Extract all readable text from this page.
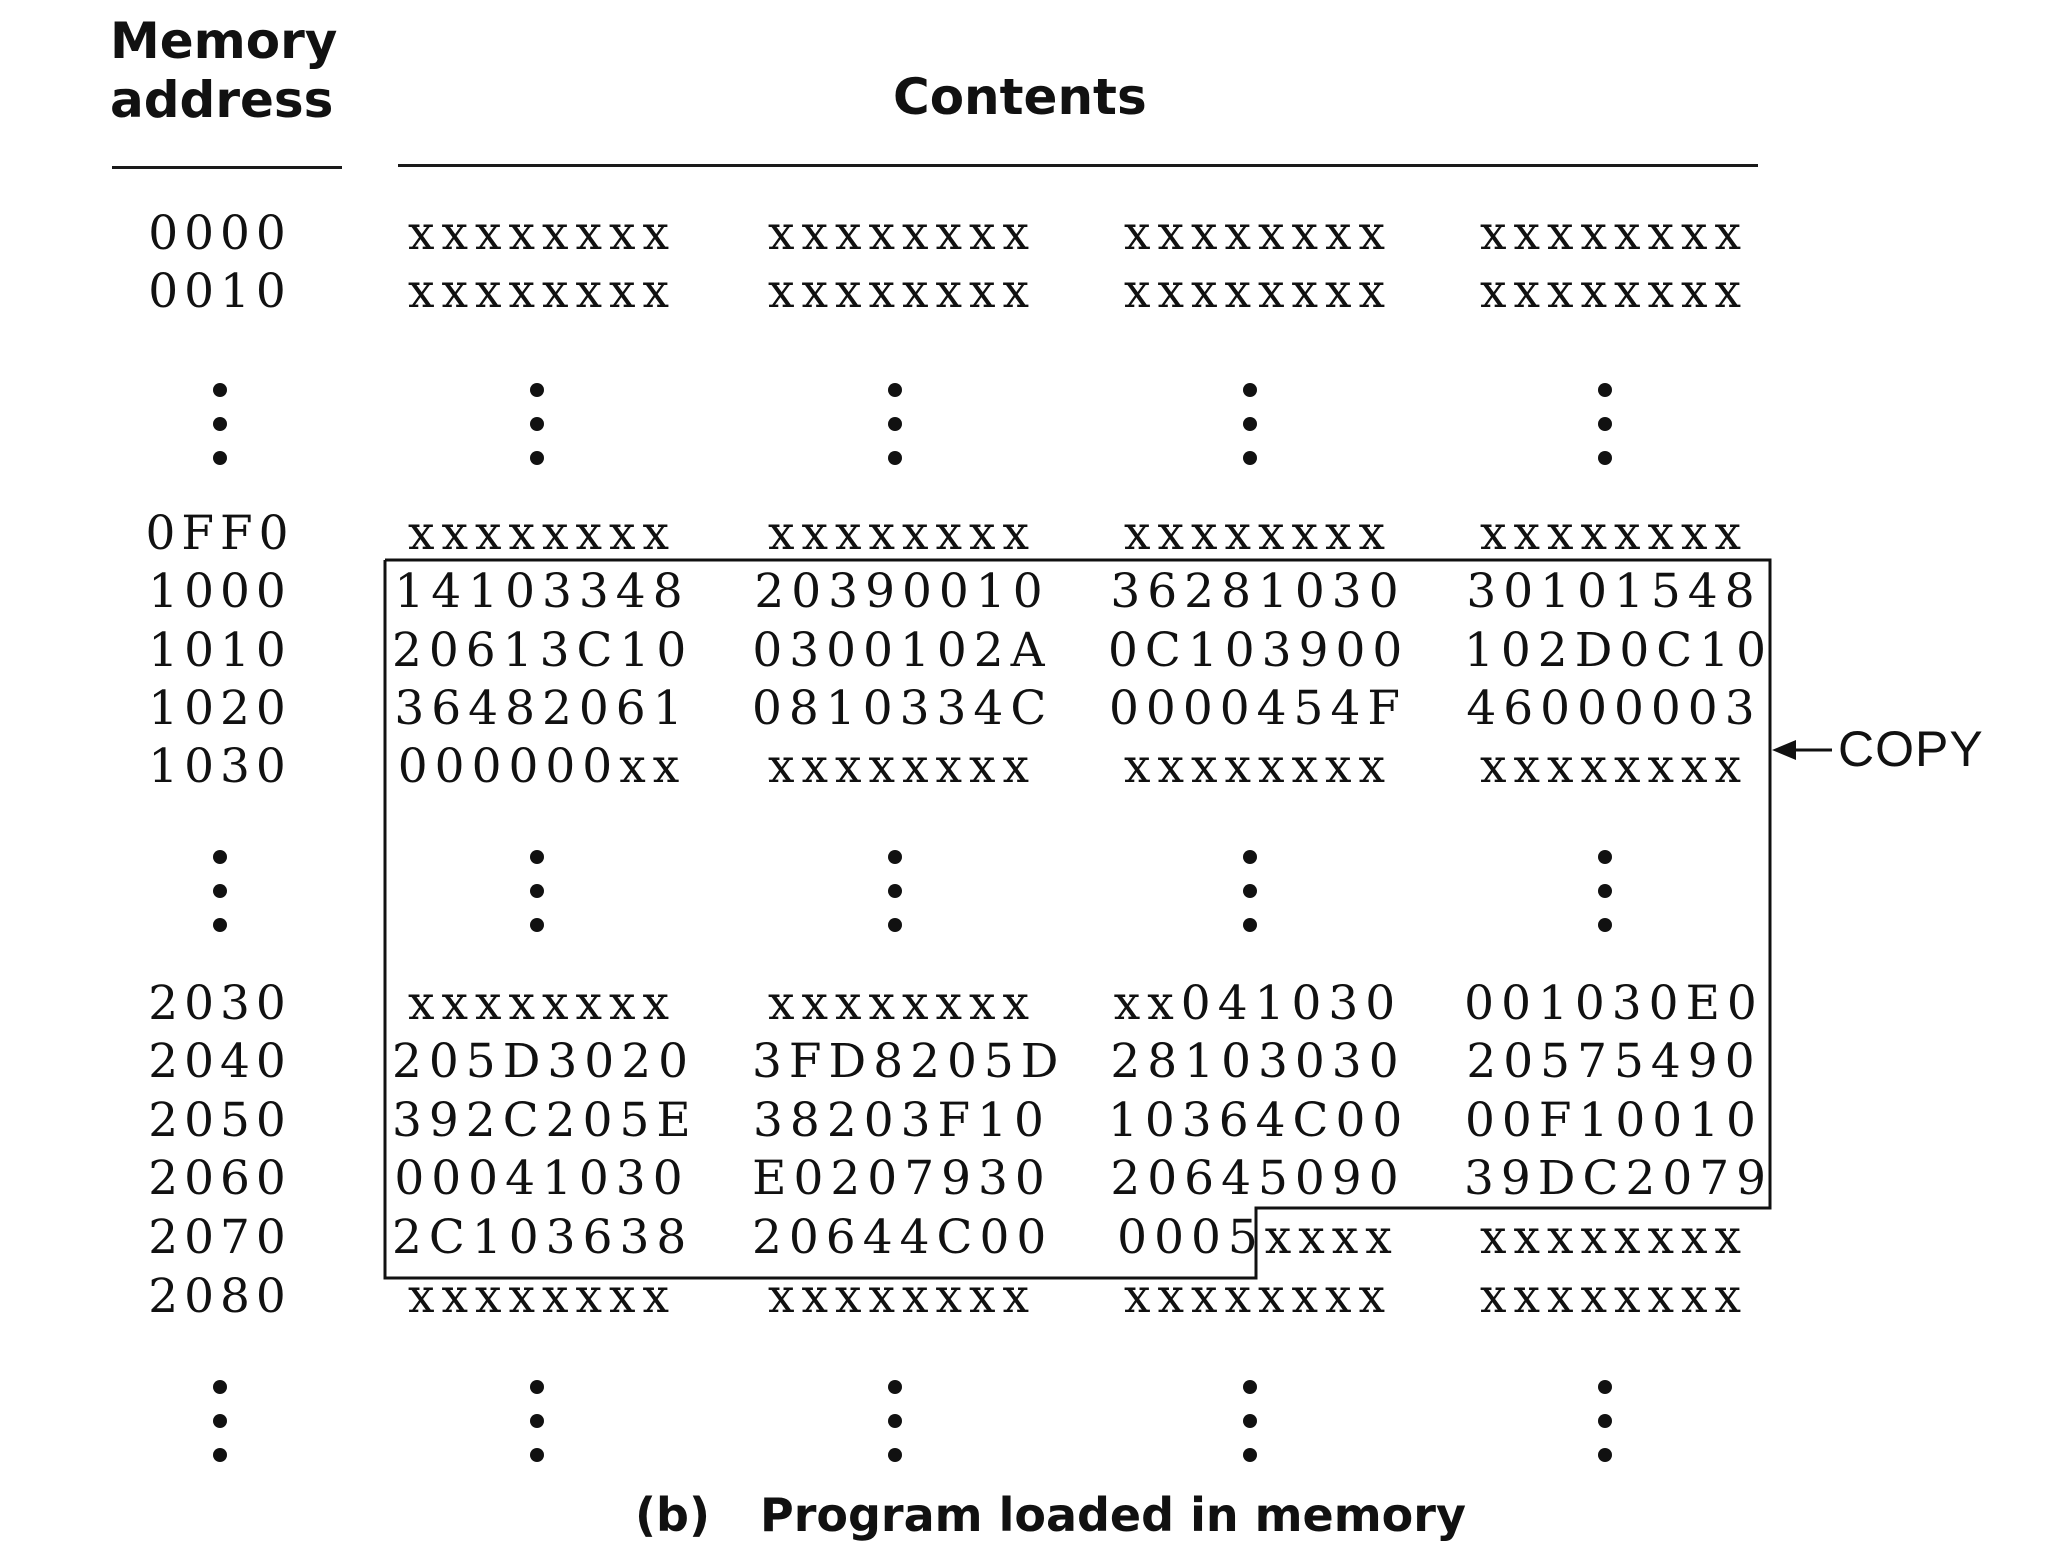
Memory
address	Contents
0000	xxxxxxxx	xxxxxxxx	xxxxxxxx	xxxxxxxx
0010	xxxxxxxx	xxxxxxxx	xxxxxxxx	xxxxxxxx
0FF0	xxxxxxxx	xxxxxxxx	xxxxxxxx	xxxxxxxx
1000	14103348 20390010 36281030 30101548
1010	20613C10 0300102A 0C103900 102D0C10
1020	36482061 0810334C 0000454F 46000003
1030	000000xx	xxxxxxxx	xxxxxxxx	xxxxxxxx
2030	xxxxxxxx	xxxxxxxx	xx041030 001030E0
2040	205D3020 3FD8205D 28103030 20575490
2050	392C205E 38203F10 10364C00 00F10010
2060	00041030 E0207930 20645090 39DC2079
2070	2C103638 20644C00 0005xxxx	xxxxxxxx
2080	xxxxxxxx	xxxxxxxx	xxxxxxxx	xxxxxxxx
COPY
(b) Program loaded in memory
